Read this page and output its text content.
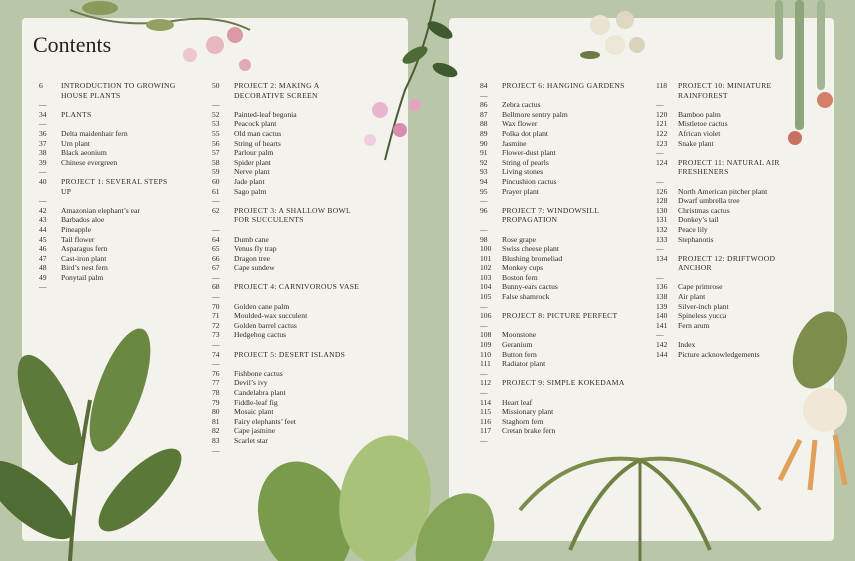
Contents
6	INTRODUCTION TO GROWING HOUSE PLANTS
—
34	PLANTS
—
36	Delta maidenhair fern
37	Urn plant
38	Black aeonium
39	Chinese evergreen
—
40	PROJECT 1: SEVERAL STEPS UP
—
42	Amazonian elephant’s ear
43	Barbados aloe
44	Pineapple
45	Tail flower
46	Asparagus fern
47	Cast-iron plant
48	Bird’s nest fern
49	Ponytail palm
—
50	PROJECT 2: MAKING A DECORATIVE SCREEN
—
52	Painted-leaf begonia
53	Peacock plant
55	Old man cactus
56	String of hearts
57	Parlour palm
58	Spider plant
59	Nerve plant
60	Jade plant
61	Sago palm
—
62	PROJECT 3: A SHALLOW BOWL FOR SUCCULENTS
—
64	Dumb cane
65	Venus fly trap
66	Dragon tree
67	Cape sundew
—
68	PROJECT 4: CARNIVOROUS VASE
—
70	Golden cane palm
71	Moulded-wax succulent
72	Golden barrel cactus
73	Hedgehog cactus
—
74	PROJECT 5: DESERT ISLANDS
—
76	Fishbone cactus
77	Devil’s ivy
78	Candelabra plant
79	Fiddle-leaf fig
80	Mosaic plant
81	Fairy elephants’ feet
82	Cape jasmine
83	Scarlet star
—
84	PROJECT 6: HANGING GARDENS
—
86	Zebra cactus
87	Bellmore sentry palm
88	Wax flower
89	Polka dot plant
90	Jasmine
91	Flower-dust plant
92	String of pearls
93	Living stones
94	Pincushion cactus
95	Prayer plant
—
96	PROJECT 7: WINDOWSILL PROPAGATION
—
98	Rose grape
100	Swiss cheese plant
101	Blushing bromeliad
102	Monkey cups
103	Boston fern
104	Bunny-ears cactus
105	False shamrock
—
106	PROJECT 8: PICTURE PERFECT
—
108	Moonstone
109	Geranium
110	Button fern
111	Radiator plant
—
112	PROJECT 9: SIMPLE KOKEDAMA
—
114	Heart leaf
115	Missionary plant
116	Staghorn fern
117	Cretan brake fern
—
118	PROJECT 10: MINIATURE RAINFOREST
—
120	Bamboo palm
121	Mistletoe cactus
122	African violet
123	Snake plant
—
124	PROJECT 11: NATURAL AIR FRESHENERS
—
126	North American pitcher plant
128	Dwarf umbrella tree
130	Christmas cactus
131	Donkey’s tail
132	Peace lily
133	Stephanotis
—
134	PROJECT 12: DRIFTWOOD ANCHOR
—
136	Cape primrose
138	Air plant
139	Silver-inch plant
140	Spineless yucca
141	Fern arum
—
142	Index
144	Picture acknowledgements
